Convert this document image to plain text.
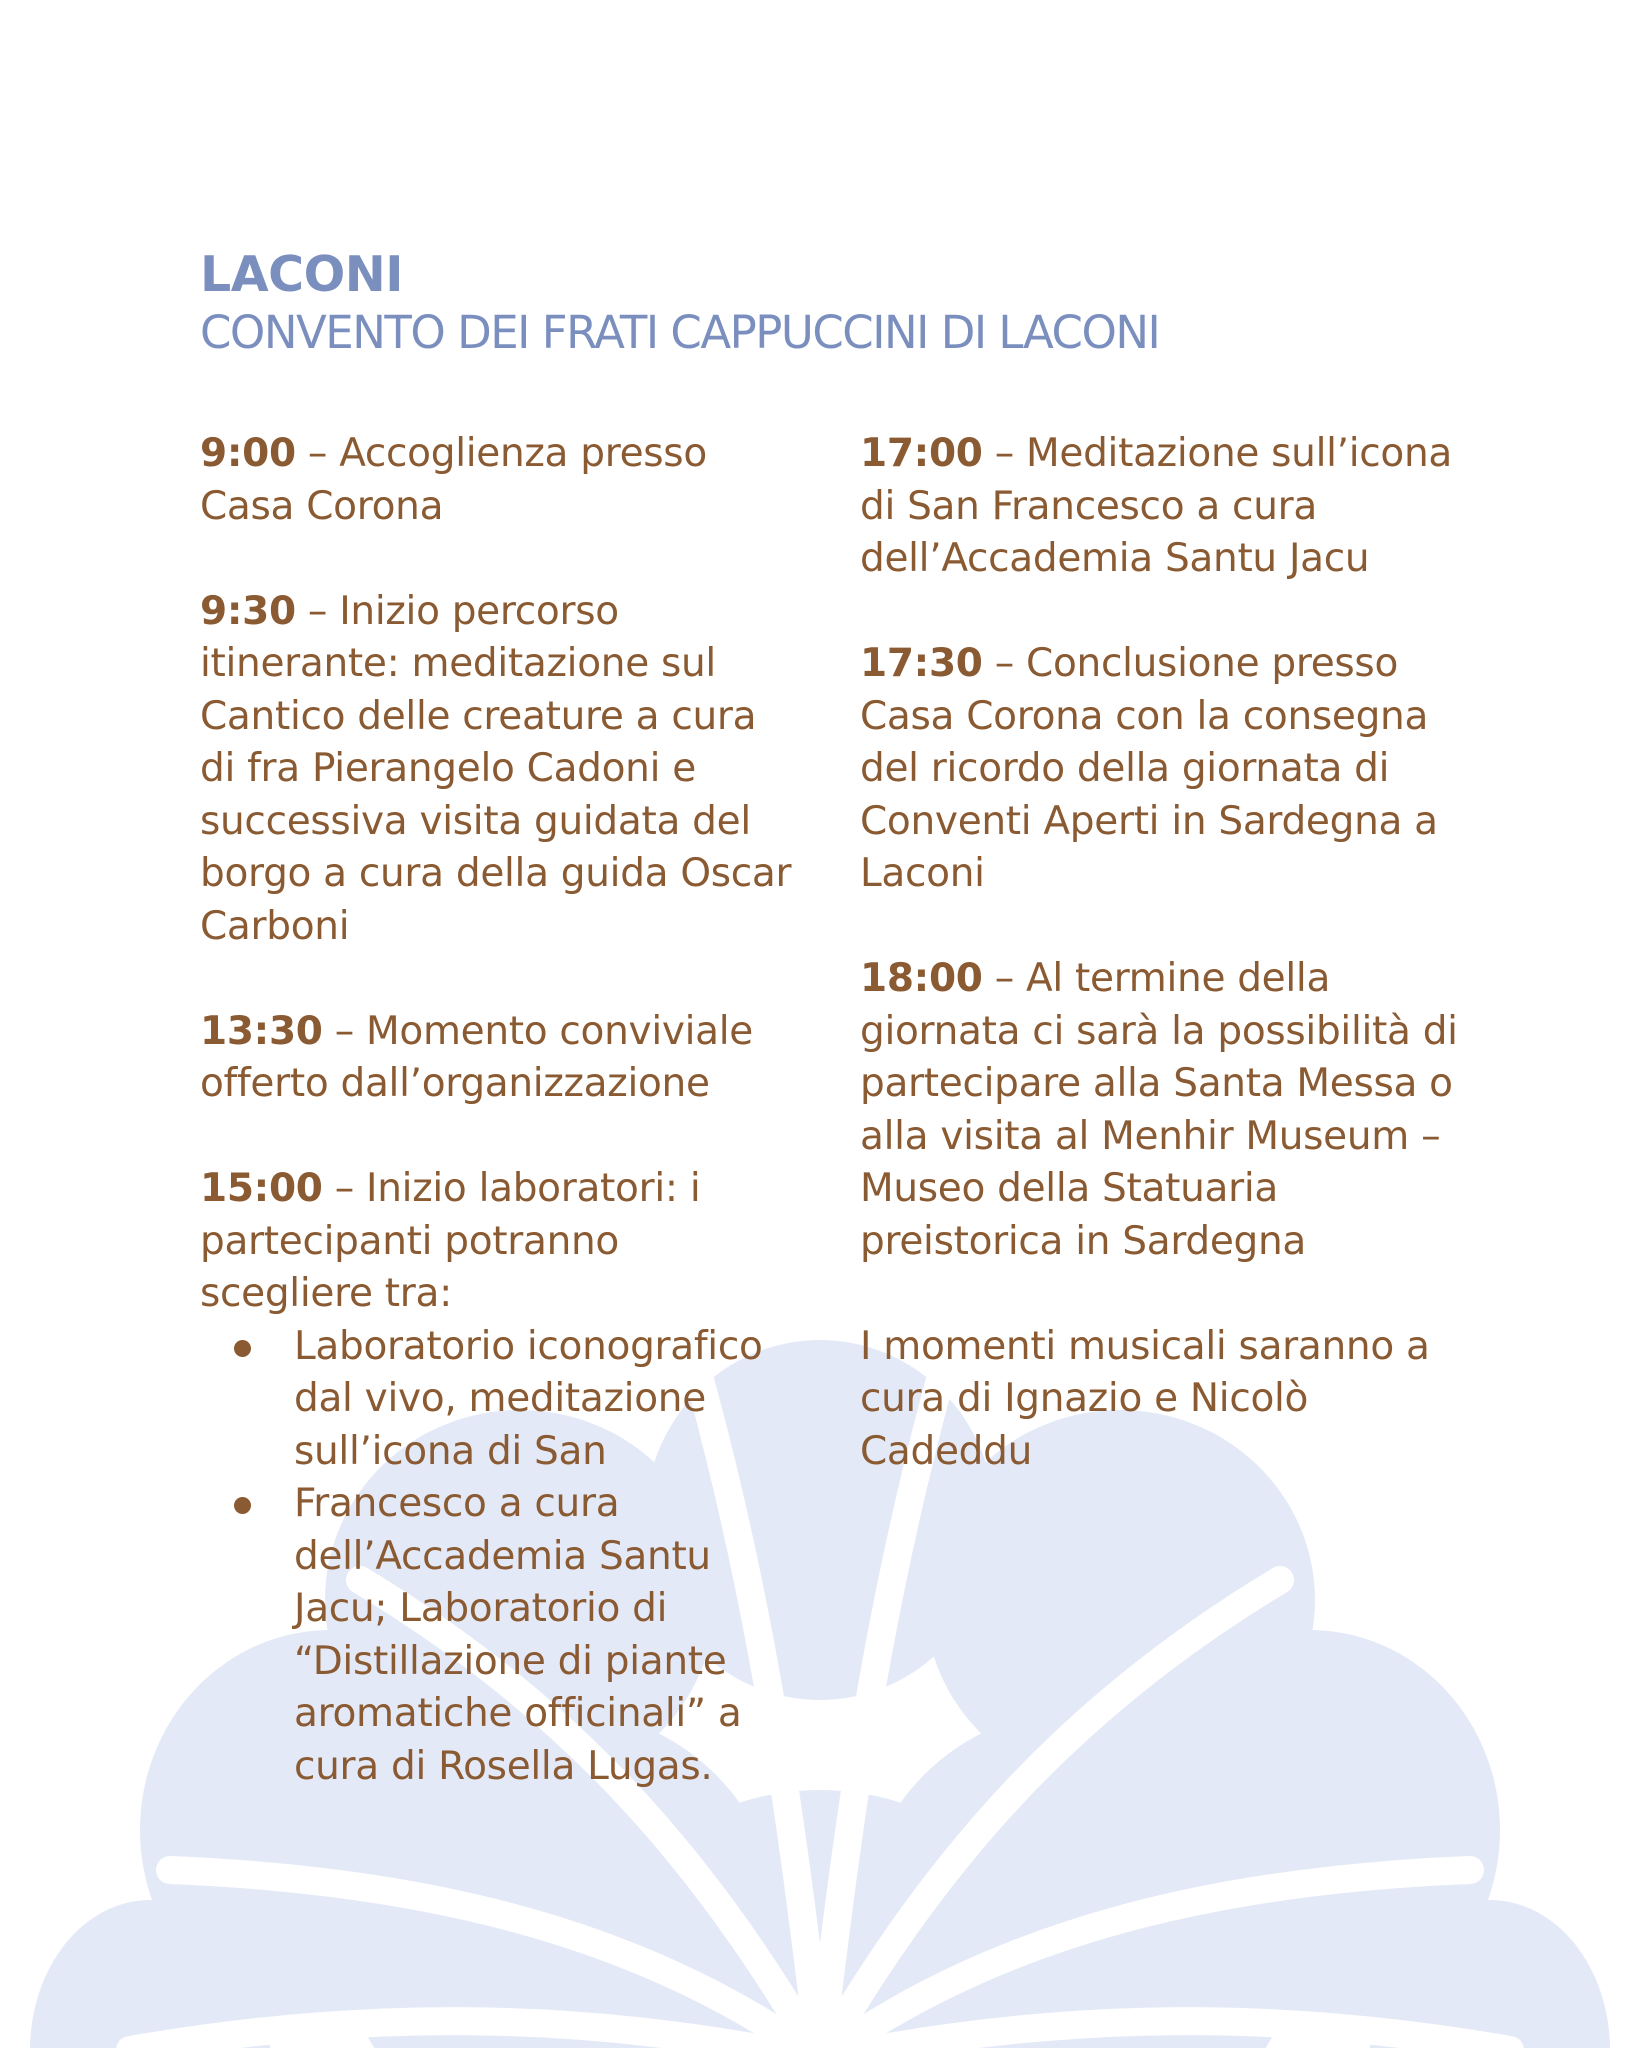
LACONI
CONVENTO DEI FRATI CAPPUCCINI DI LACONI
9:00 – Accoglienza presso Casa Corona
9:30 – Inizio percorso itinerante: meditazione sul Cantico delle creature a cura di fra Pierangelo Cadoni e successiva visita guidata del borgo a cura della guida Oscar Carboni
13:30 – Momento conviviale offerto dall’organizzazione
15:00 – Inizio laboratori: i partecipanti potranno scegliere tra:
Laboratorio iconografico dal vivo, meditazione sull’icona di San
Francesco a cura dell’Accademia Santu Jacu; Laboratorio di “Distillazione di piante aromatiche officinali” a cura di Rosella Lugas.
17:00 – Meditazione sull’icona di San Francesco a cura dell’Accademia Santu Jacu
17:30 – Conclusione presso Casa Corona con la consegna del ricordo della giornata di Conventi Aperti in Sardegna a Laconi
18:00 – Al termine della giornata ci sarà la possibilità di partecipare alla Santa Messa o alla visita al Menhir Museum – Museo della Statuaria preistorica in Sardegna
I momenti musicali saranno a cura di Ignazio e Nicolò Cadeddu
